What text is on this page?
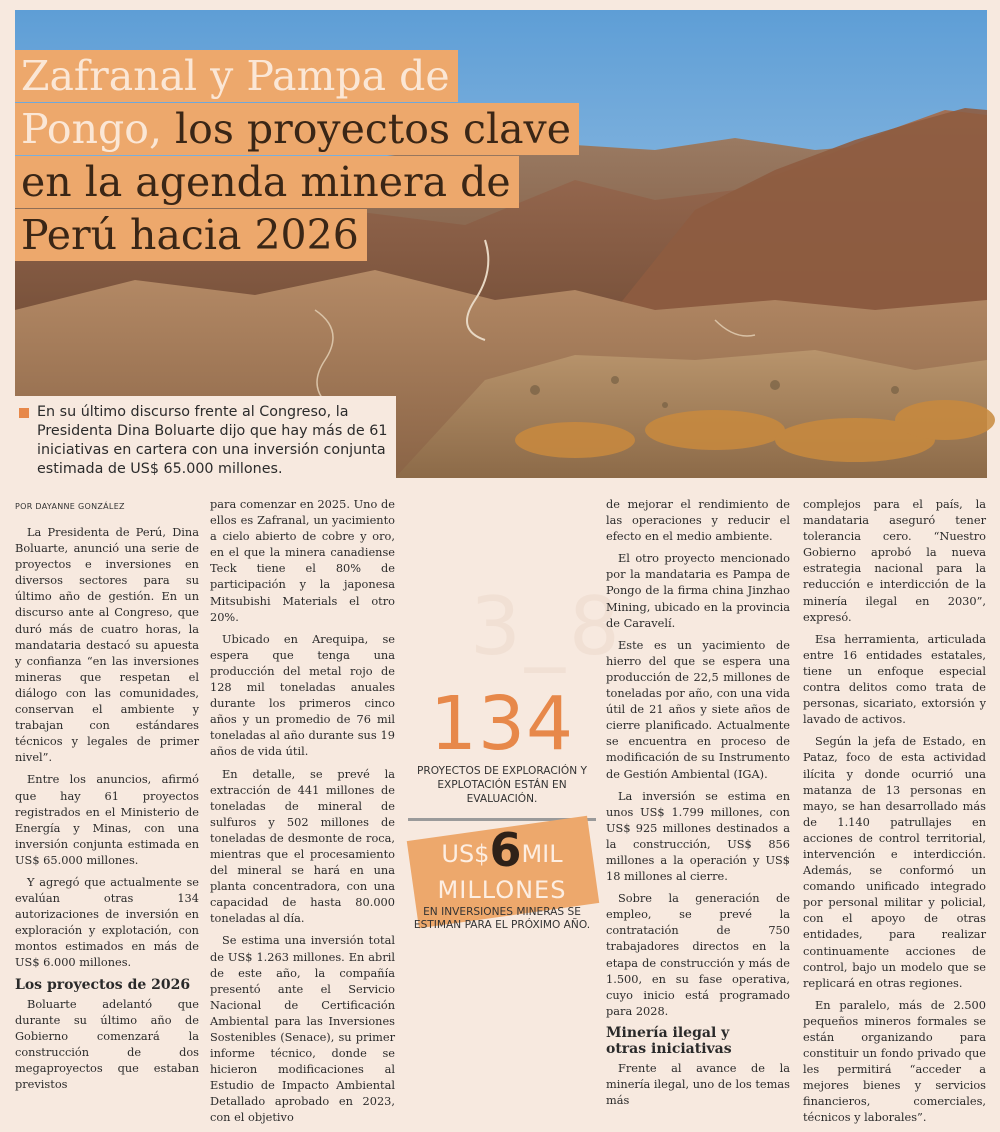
Zafranal y Pampa de
Pongo, los proyectos clave
en la agenda minera de
Perú hacia 2026

En su último discurso frente al Congreso, la Presidenta Dina Boluarte dijo que hay más de 61 iniciativas en cartera con una inversión conjunta estimada de US$ 65.000 millones.

POR DAYANNE GONZÁLEZ
3_8

La Presidenta de Perú, Dina Boluarte, anunció una serie de proyectos e inversiones en diversos sectores para su último año de gestión. En un discurso ante al Congreso, que duró más de cuatro horas, la mandataria destacó su apuesta y confianza “en las inversiones mineras que respetan el diálogo con las comunidades, conservan el ambiente y trabajan con estándares técnicos y legales de primer nivel”.

Entre los anuncios, afirmó que hay 61 proyectos registrados en el Ministerio de Energía y Minas, con una inversión conjunta estimada en US$ 65.000 millones.

Y agregó que actualmente se evalúan otras 134 autorizaciones de inversión en exploración y explotación, con montos estimados en más de US$ 6.000 millones.

Los proyectos de 2026

Boluarte adelantó que durante su último año de Gobierno comenzará la construcción de dos megaproyectos que estaban previstos

para comenzar en 2025. Uno de ellos es Zafranal, un yacimiento a cielo abierto de cobre y oro, en el que la minera canadiense Teck tiene el 80% de participación y la japonesa Mitsubishi Materials el otro 20%.

Ubicado en Arequipa, se espera que tenga una producción del metal rojo de 128 mil toneladas anuales durante los primeros cinco años y un promedio de 76 mil toneladas al año durante sus 19 años de vida útil.

En detalle, se prevé la extracción de 441 millones de toneladas de mineral de sulfuros y 502 millones de toneladas de desmonte de roca, mientras que el procesamiento del mineral se hará en una planta concentradora, con una capacidad de hasta 80.000 toneladas al día.

Se estima una inversión total de US$ 1.263 millones. En abril de este año, la compañía presentó ante el Servicio Nacional de Certificación Ambiental para las Inversiones Sostenibles (Senace), su primer informe técnico, donde se hicieron modificaciones al Estudio de Impacto Ambiental Detallado aprobado en 2023, con el objetivo

134
PROYECTOS DE EXPLORACIÓN Y EXPLOTACIÓN ESTÁN EN EVALUACIÓN.
US$6MIL
MILLONES
EN INVERSIONES MINERAS SE ESTIMAN PARA EL PRÓXIMO AÑO.

de mejorar el rendimiento de las operaciones y reducir el efecto en el medio ambiente.

El otro proyecto mencionado por la mandataria es Pampa de Pongo de la firma china Jinzhao Mining, ubicado en la provincia de Caravelí.

Este es un yacimiento de hierro del que se espera una producción de 22,5 millones de toneladas por año, con una vida útil de 21 años y siete años de cierre planificado. Actualmente se encuentra en proceso de modificación de su Instrumento de Gestión Ambiental (IGA).

La inversión se estima en unos US$ 1.799 millones, con US$ 925 millones destinados a la construcción, US$ 856 millones a la operación y US$ 18 millones al cierre.

Sobre la generación de empleo, se prevé la contratación de 750 trabajadores directos en la etapa de construcción y más de 1.500, en su fase operativa, cuyo inicio está programado para 2028.

Minería ilegal y
otras iniciativas

Frente al avance de la minería ilegal, uno de los temas más

complejos para el país, la mandataria aseguró tener tolerancia cero. “Nuestro Gobierno aprobó la nueva estrategia nacional para la reducción e interdicción de la minería ilegal en 2030”, expresó.

Esa herramienta, articulada entre 16 entidades estatales, tiene un enfoque especial contra delitos como trata de personas, sicariato, extorsión y lavado de activos.

Según la jefa de Estado, en Pataz, foco de esta actividad ilícita y donde ocurrió una matanza de 13 personas en mayo, se han desarrollado más de 1.140 patrullajes en acciones de control territorial, intervención e interdicción. Además, se conformó un comando unificado integrado por personal militar y policial, con el apoyo de otras entidades, para realizar continuamente acciones de control, bajo un modelo que se replicará en otras regiones.

En paralelo, más de 2.500 pequeños mineros formales se están organizando para constituir un fondo privado que les permitirá “acceder a mejores bienes y servicios financieros, comerciales, técnicos y laborales”.
